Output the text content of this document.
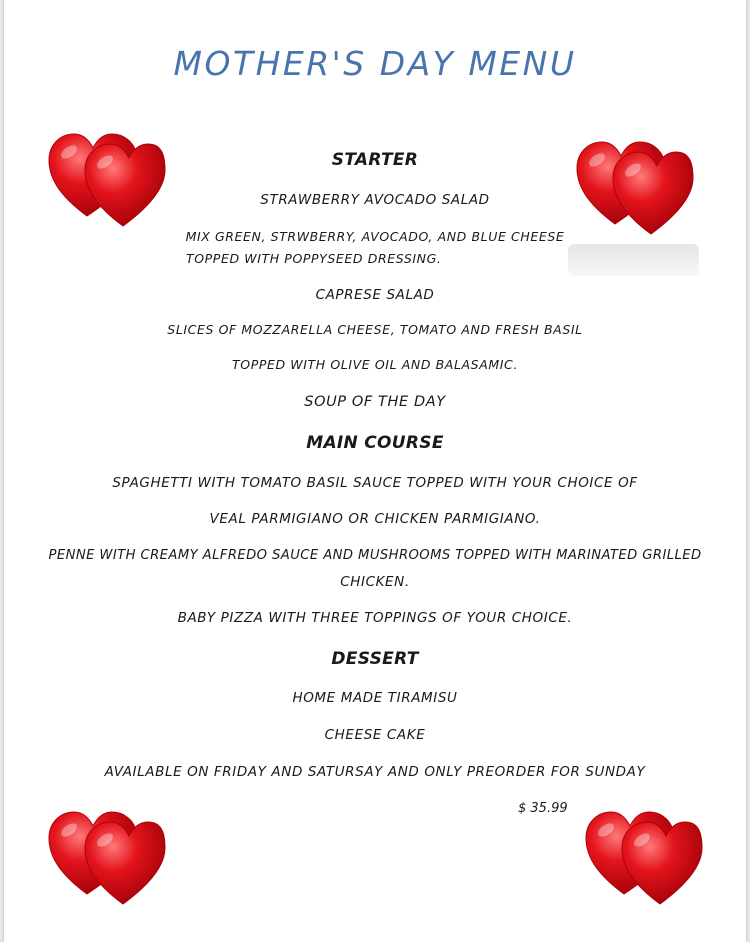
MOTHER'S DAY MENU
STARTER
STRAWBERRY AVOCADO SALAD
MIX GREEN, STRWBERRY, AVOCADO, AND BLUE CHEESE
TOPPED WITH POPPYSEED DRESSING.
CAPRESE SALAD
SLICES OF MOZZARELLA CHEESE, TOMATO AND FRESH BASIL
TOPPED WITH OLIVE OIL AND BALASAMIC.
SOUP OF THE DAY
MAIN COURSE
SPAGHETTI WITH TOMATO BASIL SAUCE TOPPED WITH YOUR CHOICE OF
VEAL PARMIGIANO OR CHICKEN PARMIGIANO.
PENNE WITH CREAMY ALFREDO SAUCE AND MUSHROOMS TOPPED WITH MARINATED GRILLED
CHICKEN.
BABY PIZZA WITH THREE TOPPINGS OF YOUR CHOICE.
DESSERT
HOME MADE TIRAMISU
CHEESE CAKE
AVAILABLE ON FRIDAY AND SATURSAY AND ONLY PREORDER FOR SUNDAY
$ 35.99
